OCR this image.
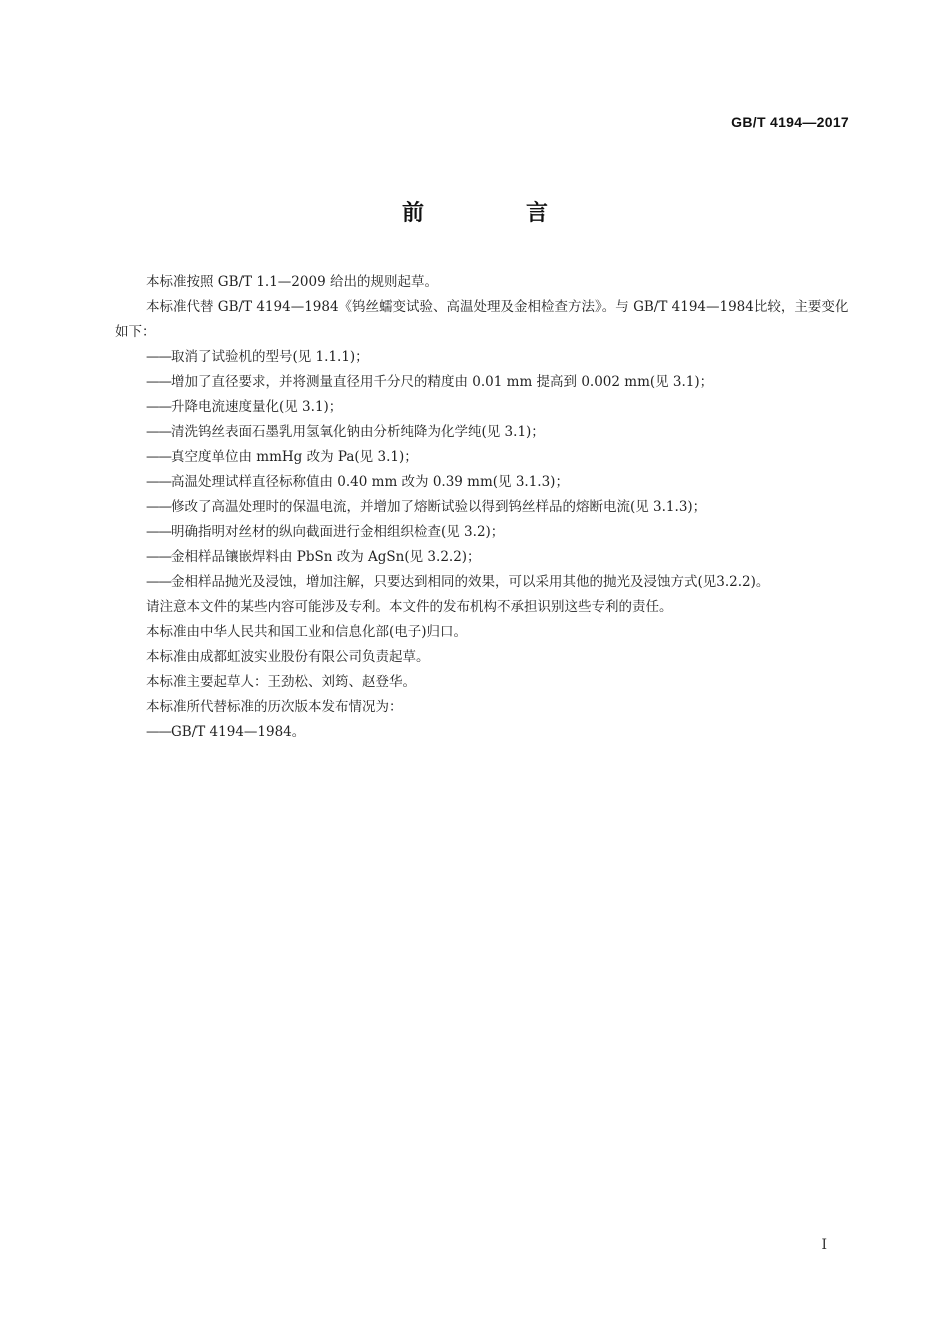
GB/T 4194—2017
前　言

本标准按照 GB/T 1.1—2009 给出的规则起草。

本标准代替 GB/T 4194—1984《钨丝蠕变试验、高温处理及金相检查方法》。与 GB/T 4194—1984比较，主要变化如下：

——取消了试验机的型号(见 1.1.1)；

——增加了直径要求，并将测量直径用千分尺的精度由 0.01 mm 提高到 0.002 mm(见 3.1)；

——升降电流速度量化(见 3.1)；

——清洗钨丝表面石墨乳用氢氧化钠由分析纯降为化学纯(见 3.1)；

——真空度单位由 mmHg 改为 Pa(见 3.1)；

——高温处理试样直径标称值由 0.40 mm 改为 0.39 mm(见 3.1.3)；

——修改了高温处理时的保温电流，并增加了熔断试验以得到钨丝样品的熔断电流(见 3.1.3)；

——明确指明对丝材的纵向截面进行金相组织检查(见 3.2)；

——金相样品镶嵌焊料由 PbSn 改为 AgSn(见 3.2.2)；

——金相样品抛光及浸蚀，增加注解，只要达到相同的效果，可以采用其他的抛光及浸蚀方式(见3.2.2)。

请注意本文件的某些内容可能涉及专利。本文件的发布机构不承担识别这些专利的责任。

本标准由中华人民共和国工业和信息化部(电子)归口。

本标准由成都虹波实业股份有限公司负责起草。

本标准主要起草人：王劲松、刘筠、赵登华。

本标准所代替标准的历次版本发布情况为：

——GB/T 4194—1984。

I
